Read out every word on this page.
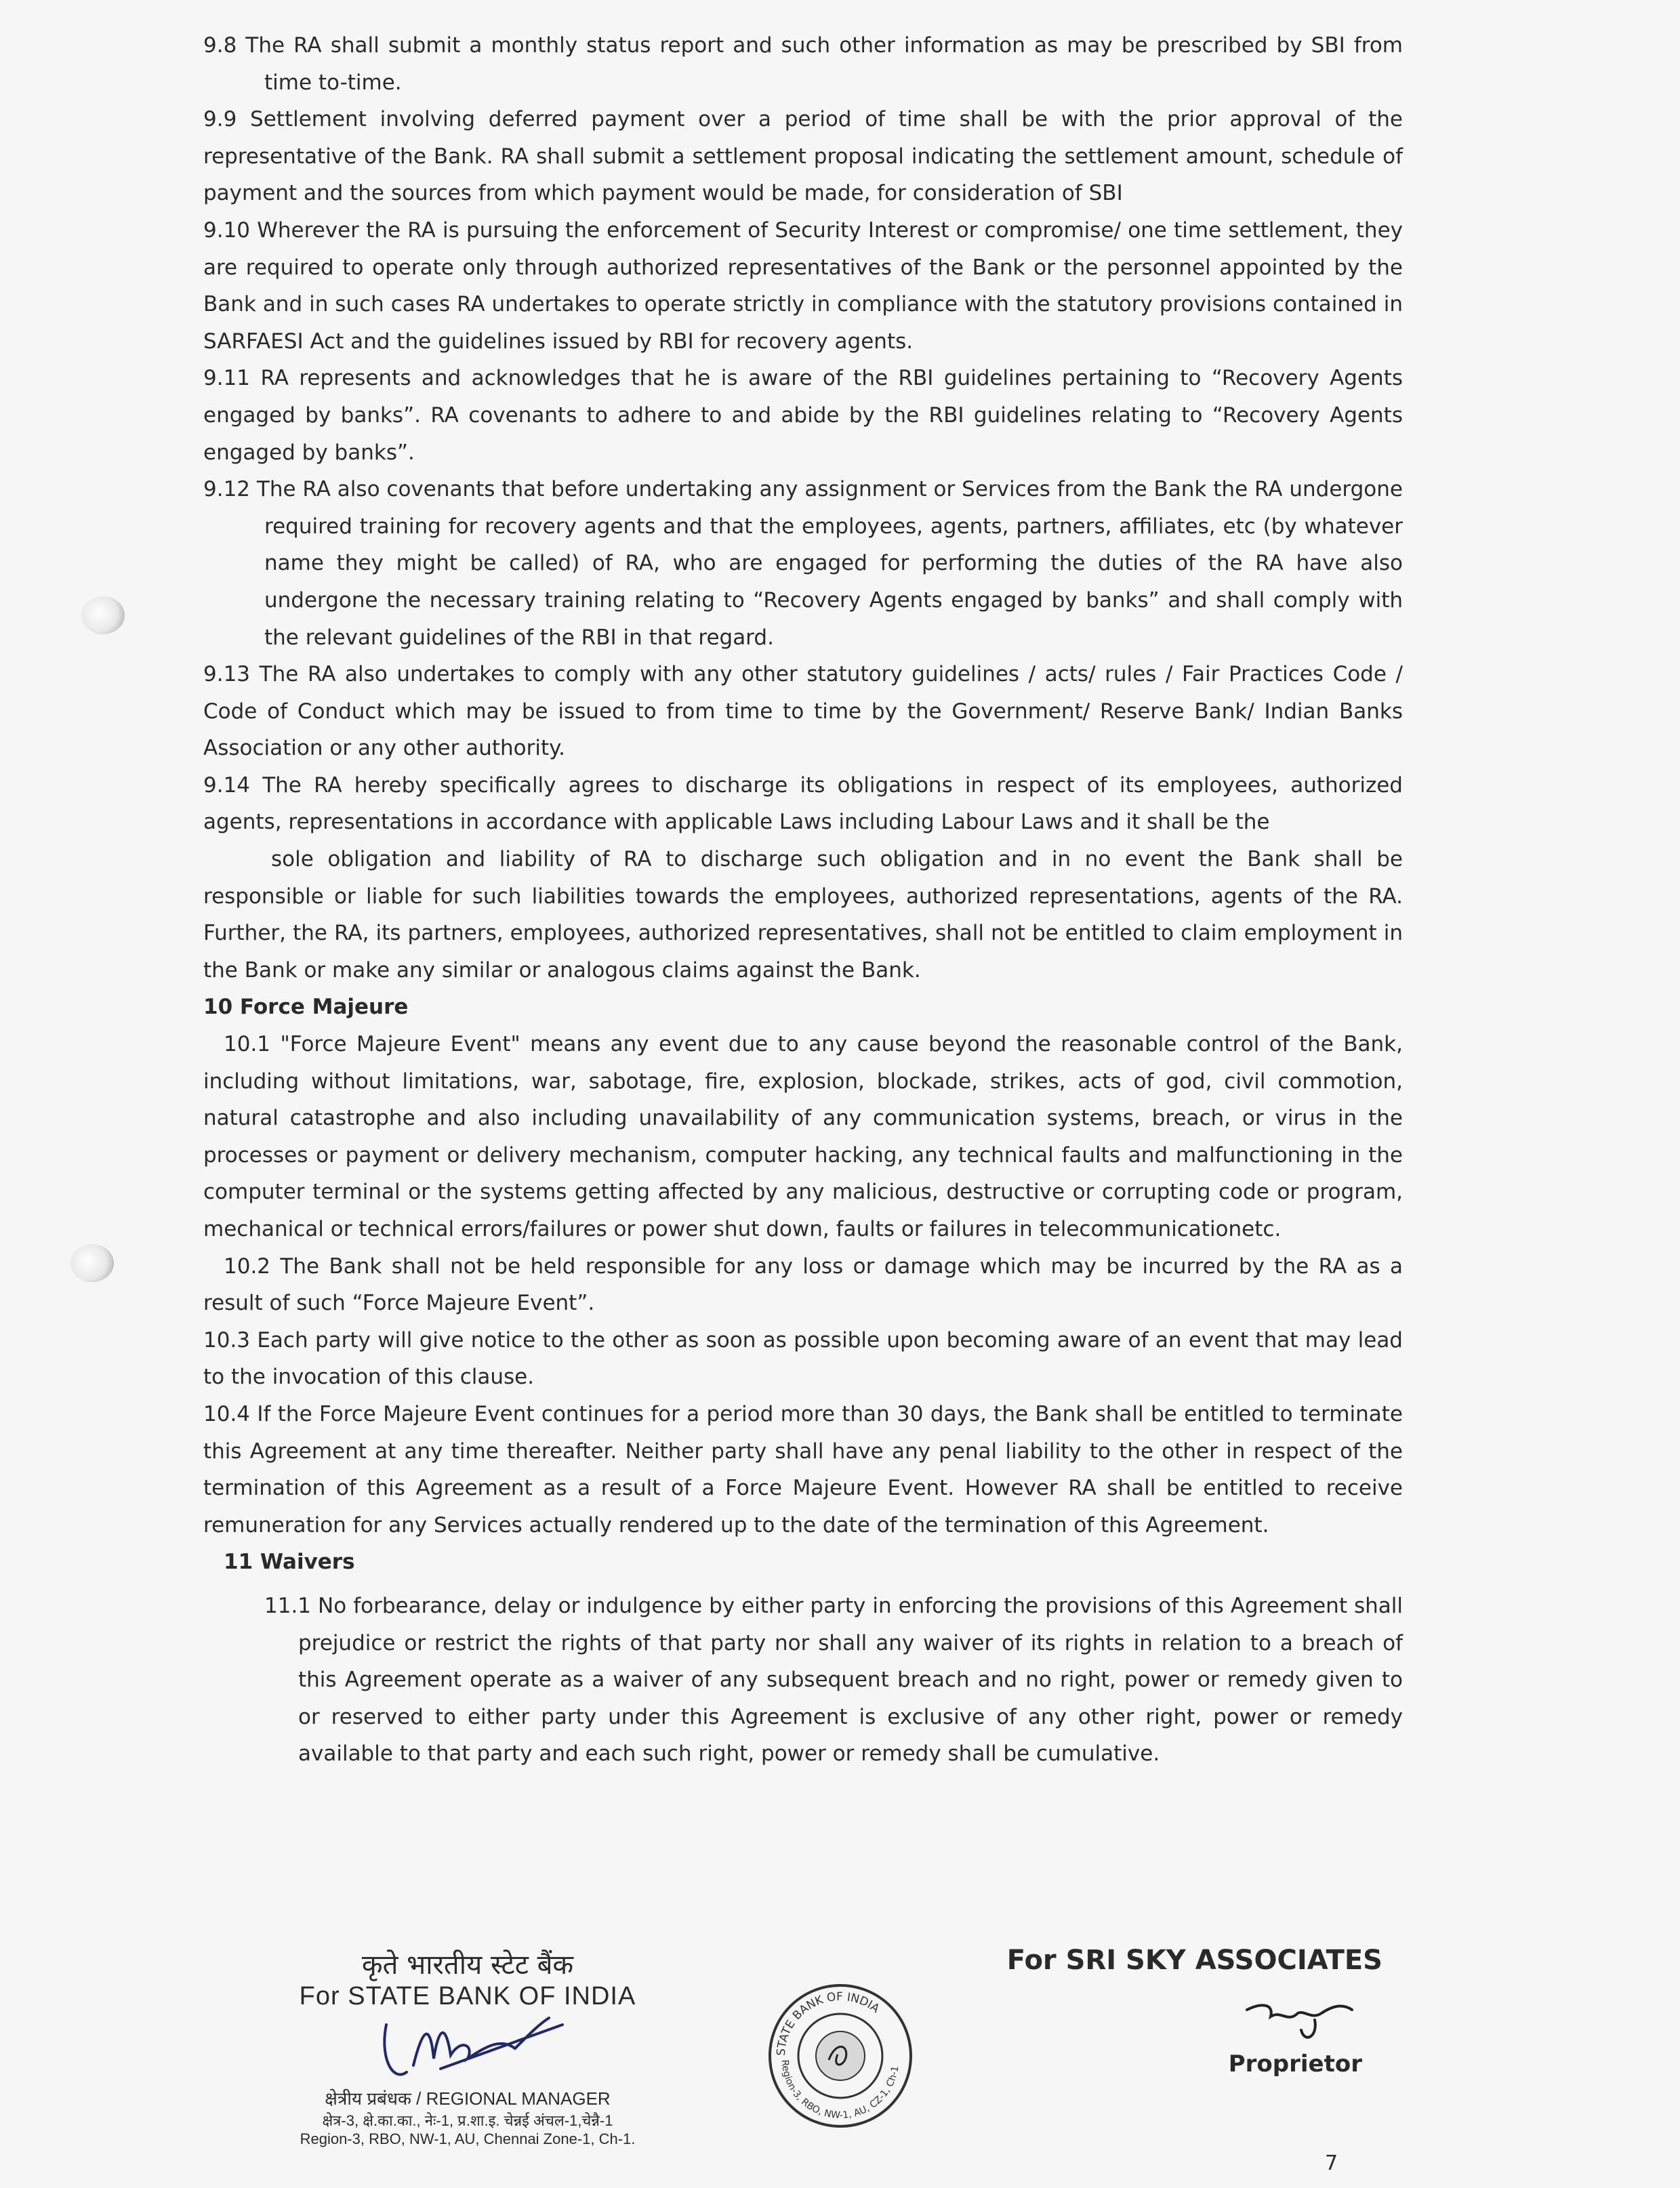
9.8 The RA shall submit a monthly status report and such other information as may be prescribed by SBI from time to-time.

9.9 Settlement involving deferred payment over a period of time shall be with the prior approval of the representative of the Bank. RA shall submit a settlement proposal indicating the settlement amount, schedule of payment and the sources from which payment would be made, for consideration of SBI

9.10 Wherever the RA is pursuing the enforcement of Security Interest or compromise/ one time settlement, they are required to operate only through authorized representatives of the Bank or the personnel appointed by the Bank and in such cases RA undertakes to operate strictly in compliance with the statutory provisions contained in SARFAESI Act and the guidelines issued by RBI for recovery agents.

9.11 RA represents and acknowledges that he is aware of the RBI guidelines pertaining to “Recovery Agents engaged by banks”. RA covenants to adhere to and abide by the RBI guidelines relating to “Recovery Agents engaged by banks”.

9.12 The RA also covenants that before undertaking any assignment or Services from the Bank the RA undergone required training for recovery agents and that the employees, agents, partners, affiliates, etc (by whatever name they might be called) of RA, who are engaged for performing the duties of the RA have also undergone the necessary training relating to “Recovery Agents engaged by banks” and shall comply with the relevant guidelines of the RBI in that regard.

9.13 The RA also undertakes to comply with any other statutory guidelines / acts/ rules / Fair Practices Code / Code of Conduct which may be issued to from time to time by the Government/ Reserve Bank/ Indian Banks Association or any other authority.

9.14 The RA hereby specifically agrees to discharge its obligations in respect of its employees, authorized agents, representations in accordance with applicable Laws including Labour Laws and it shall be the

sole obligation and liability of RA to discharge such obligation and in no event the Bank shall be responsible or liable for such liabilities towards the employees, authorized representations, agents of the RA. Further, the RA, its partners, employees, authorized representatives, shall not be entitled to claim employment in the Bank or make any similar or analogous claims against the Bank.

10 Force Majeure

10.1 "Force Majeure Event" means any event due to any cause beyond the reasonable control of the Bank, including without limitations, war, sabotage, fire, explosion, blockade, strikes, acts of god, civil commotion, natural catastrophe and also including unavailability of any communication systems, breach, or virus in the processes or payment or delivery mechanism, computer hacking, any technical faults and malfunctioning in the computer terminal or the systems getting affected by any malicious, destructive or corrupting code or program, mechanical or technical errors/failures or power shut down, faults or failures in telecommunicationetc.

10.2 The Bank shall not be held responsible for any loss or damage which may be incurred by the RA as a result of such “Force Majeure Event”.

10.3 Each party will give notice to the other as soon as possible upon becoming aware of an event that may lead to the invocation of this clause.

10.4 If the Force Majeure Event continues for a period more than 30 days, the Bank shall be entitled to terminate this Agreement at any time thereafter. Neither party shall have any penal liability to the other in respect of the termination of this Agreement as a result of a Force Majeure Event. However RA shall be entitled to receive remuneration for any Services actually rendered up to the date of the termination of this Agreement.

11 Waivers

11.1 No forbearance, delay or indulgence by either party in enforcing the provisions of this Agreement shall prejudice or restrict the rights of that party nor shall any waiver of its rights in relation to a breach of this Agreement operate as a waiver of any subsequent breach and no right, power or remedy given to or reserved to either party under this Agreement is exclusive of any other right, power or remedy available to that party and each such right, power or remedy shall be cumulative.

कृते भारतीय स्टेट बैंक

For STATE BANK OF INDIA

क्षेत्रीय प्रबंधक / REGIONAL MANAGER

क्षेत्र-3, क्षे.का.का., नेः-1, प्र.शा.इ. चेन्नई अंचल-1,चेन्नै-1

Region-3, RBO, NW-1, AU, Chennai Zone-1, Ch-1.

STATE BANK OF INDIA
Region-3, RBO, NW-1, AU, CZ-1, Ch-1

For SRI SKY ASSOCIATES

Proprietor

7
